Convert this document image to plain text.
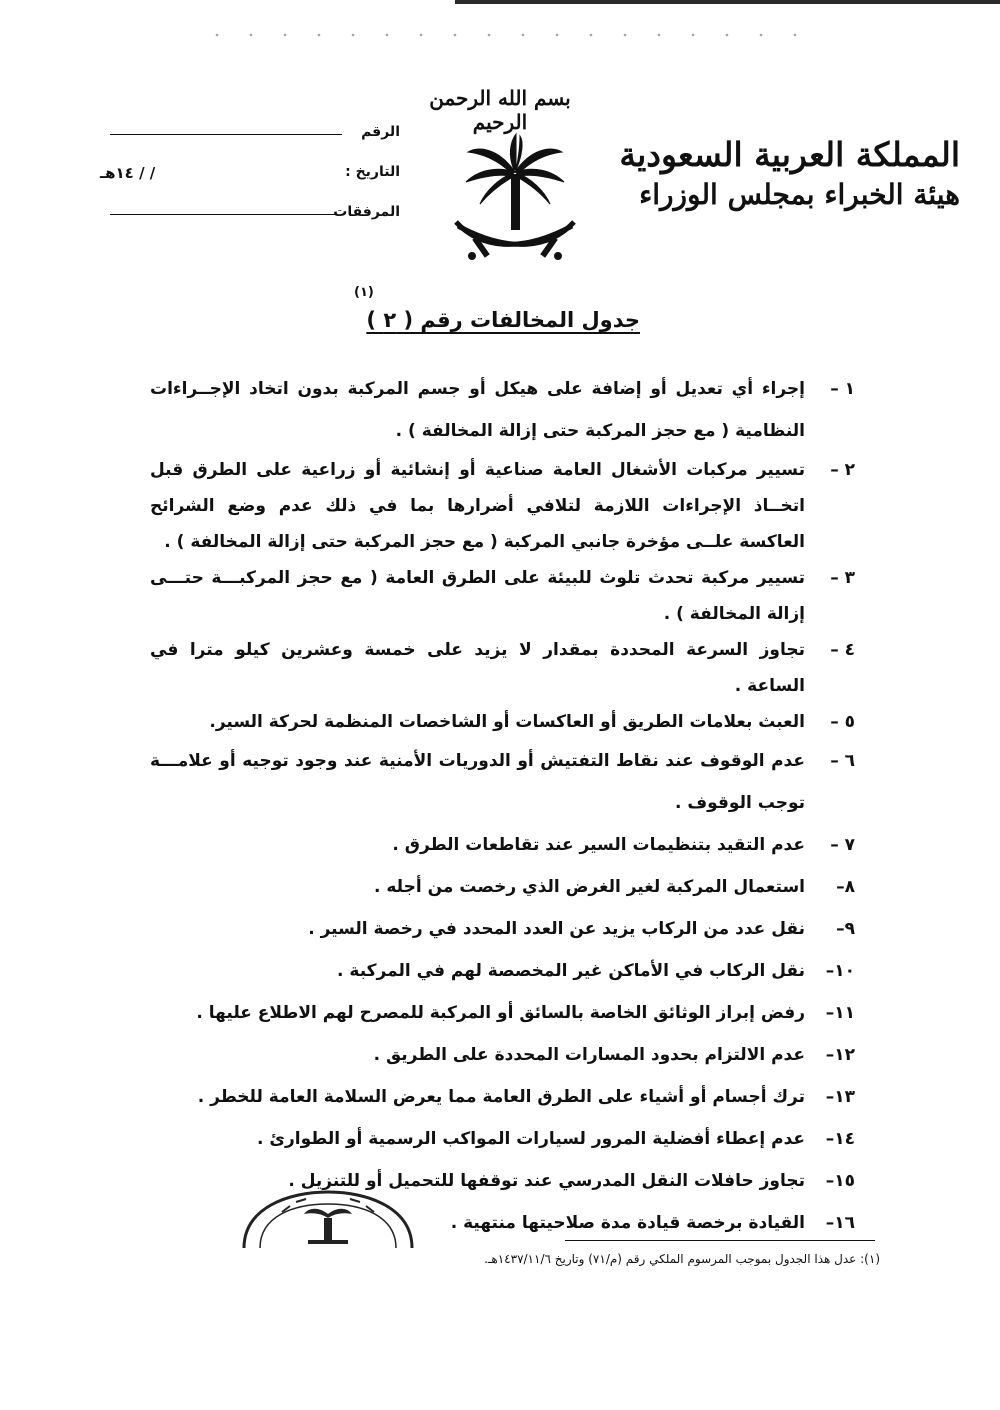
بسم الله الرحمن الرحيم
المملكة العربية السعودية
هيئة الخبراء بمجلس الوزراء
الرقم
التاريخ :
١٤هـ / /
المرفقات
(١)
جدول المخالفات رقم ( ٢ )
١ –
إجراء أي تعديل أو إضافة على هيكل أو جسم المركبة بدون اتخاد الإجــراءات النظامية ( مع حجز المركبة حتى إزالة المخالفة ) .
٢ –
تسيير مركبات الأشغال العامة صناعية أو إنشائية أو زراعية على الطرق قبل اتخــاذ الإجراءات اللازمة لتلافي أضرارها بما في ذلك عدم وضع الشرائح العاكسة علــى مؤخرة جانبي المركبة ( مع حجز المركبة حتى إزالة المخالفة ) .
٣ –
تسيير مركبة تحدث تلوث للبيئة على الطرق العامة ( مع حجز المركبـــة حتـــى إزالة المخالفة ) .
٤ –
تجاوز السرعة المحددة بمقدار لا يزيد على خمسة وعشرين كيلو مترا في الساعة .
٥ –
العبث بعلامات الطريق أو العاكسات أو الشاخصات المنظمة لحركة السير.
٦ –
عدم الوقوف عند نقاط التفتيش أو الدوريات الأمنية عند وجود توجيه أو علامـــة توجب الوقوف .
٧ –
عدم التقيد بتنظيمات السير عند تقاطعات الطرق .
٨–
استعمال المركبة لغير الغرض الذي رخصت من أجله .
٩–
نقل عدد من الركاب يزيد عن العدد المحدد في رخصة السير .
١٠–
نقل الركاب في الأماكن غير المخصصة لهم في المركبة .
١١–
رفض إبراز الوثائق الخاصة بالسائق أو المركبة للمصرح لهم الاطلاع عليها .
١٢–
عدم الالتزام بحدود المسارات المحددة على الطريق .
١٣–
ترك أجسام أو أشياء على الطرق العامة مما يعرض السلامة العامة للخطر .
١٤–
عدم إعطاء أفضلية المرور لسيارات المواكب الرسمية أو الطوارئ .
١٥–
تجاوز حافلات النقل المدرسي عند توقفها للتحميل أو للتنزيل .
١٦–
القيادة برخصة قيادة مدة صلاحيتها منتهية .
(١): عدل هذا الجدول بموجب المرسوم الملكي رقم (م/٧١) وتاريخ ١٤٣٧/١١/٦هـ.
